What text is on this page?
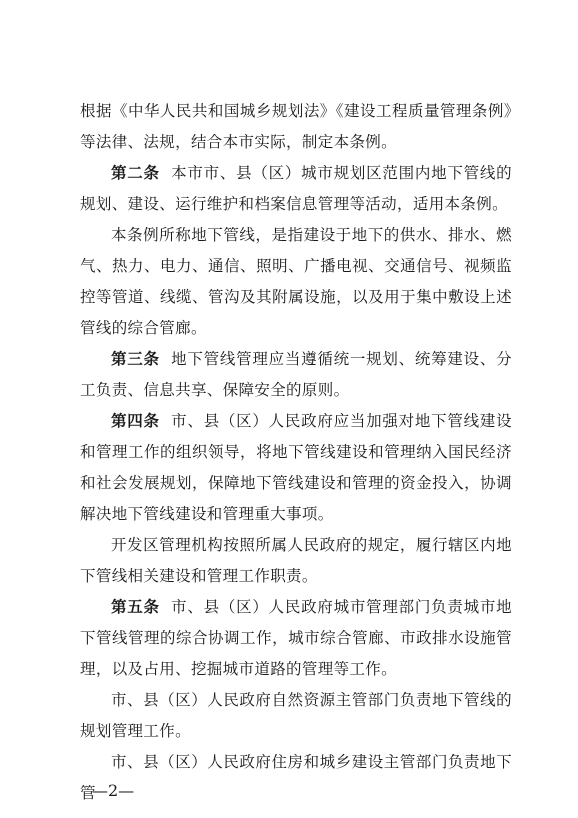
根据《中华人民共和国城乡规划法》《建设工程质量管理条例》等法律、法规，结合本市实际，制定本条例。

第二条 本市市、县（区）城市规划区范围内地下管线的规划、建设、运行维护和档案信息管理等活动，适用本条例。

本条例所称地下管线，是指建设于地下的供水、排水、燃气、热力、电力、通信、照明、广播电视、交通信号、视频监控等管道、线缆、管沟及其附属设施，以及用于集中敷设上述管线的综合管廊。

第三条 地下管线管理应当遵循统一规划、统筹建设、分工负责、信息共享、保障安全的原则。

第四条 市、县（区）人民政府应当加强对地下管线建设和管理工作的组织领导，将地下管线建设和管理纳入国民经济和社会发展规划，保障地下管线建设和管理的资金投入，协调解决地下管线建设和管理重大事项。

开发区管理机构按照所属人民政府的规定，履行辖区内地下管线相关建设和管理工作职责。

第五条 市、县（区）人民政府城市管理部门负责城市地下管线管理的综合协调工作，城市综合管廊、市政排水设施管理，以及占用、挖掘城市道路的管理等工作。

市、县（区）人民政府自然资源主管部门负责地下管线的规划管理工作。

市、县（区）人民政府住房和城乡建设主管部门负责地下管

—2—
